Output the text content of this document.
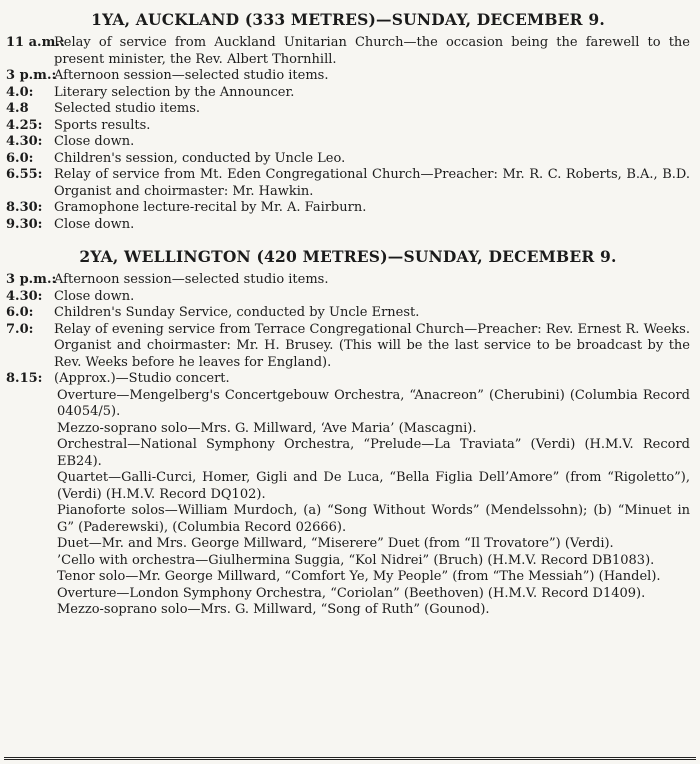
1YA, AUCKLAND (333 METRES)—SUNDAY, DECEMBER 9.
11 a.m.:
Relay of service from Auckland Unitarian Church—the occasion being the farewell to the present minister, the Rev. Albert Thornhill.
3 p.m.:
Afternoon session—selected studio items.
4.0:	Literary selection by the Announcer.
4.8	Selected studio items.
4.25: Sports results.
4.30: Close down.
6.0:	Children's session, conducted by Uncle Leo.
6.55: Relay of service from Mt. Eden Congregational Church—Preacher: Mr. R. C. Roberts, B.A., B.D. Organist and choirmaster: Mr. Hawkin.
8.30: Gramophone lecture-recital by Mr. A. Fairburn.
9.30: Close down.
2YA, WELLINGTON (420 METRES)—SUNDAY, DECEMBER 9.
3 p.m.:
Afternoon session—selected studio items.
4.30: Close down.
6.0:	Children's Sunday Service, conducted by Uncle Ernest.
7.0:	Relay of evening service from Terrace Congregational Church—Preacher: Rev. Ernest R. Weeks. Organist and choirmaster: Mr. H. Brusey. (This will be the last service to be broadcast by the Rev. Weeks before he leaves for England).
8.15: (Approx.)—Studio concert.
Overture—Mengelberg's Concertgebouw Orchestra, “Anacreon” (Cherubini) (Columbia Record 04054/5).
Mezzo-soprano solo—Mrs. G. Millward, ‘Ave Maria’ (Mascagni).
Orchestral—National Symphony Orchestra, “Prelude—La Traviata” (Verdi) (H.M.V. Record EB24).
Quartet—Galli-Curci, Homer, Gigli and De Luca, “Bella Figlia Dell’Amore” (from “Rigoletto”), (Verdi) (H.M.V. Record DQ102).
Pianoforte solos—William Murdoch, (a) “Song Without Words” (Mendelssohn); (b) “Minuet in G” (Paderewski), (Columbia Record 02666).
Duet—Mr. and Mrs. George Millward, “Miserere” Duet (from “Il Trovatore”) (Verdi).
’Cello with orchestra—Giulhermina Suggia, “Kol Nidrei” (Bruch) (H.M.V. Record DB1083).
Tenor solo—Mr. George Millward, “Comfort Ye, My People” (from “The Messiah”) (Handel).
Overture—London Symphony Orchestra, “Coriolan” (Beethoven) (H.M.V. Record D1409).
Mezzo-soprano solo—Mrs. G. Millward, “Song of Ruth” (Gounod).
